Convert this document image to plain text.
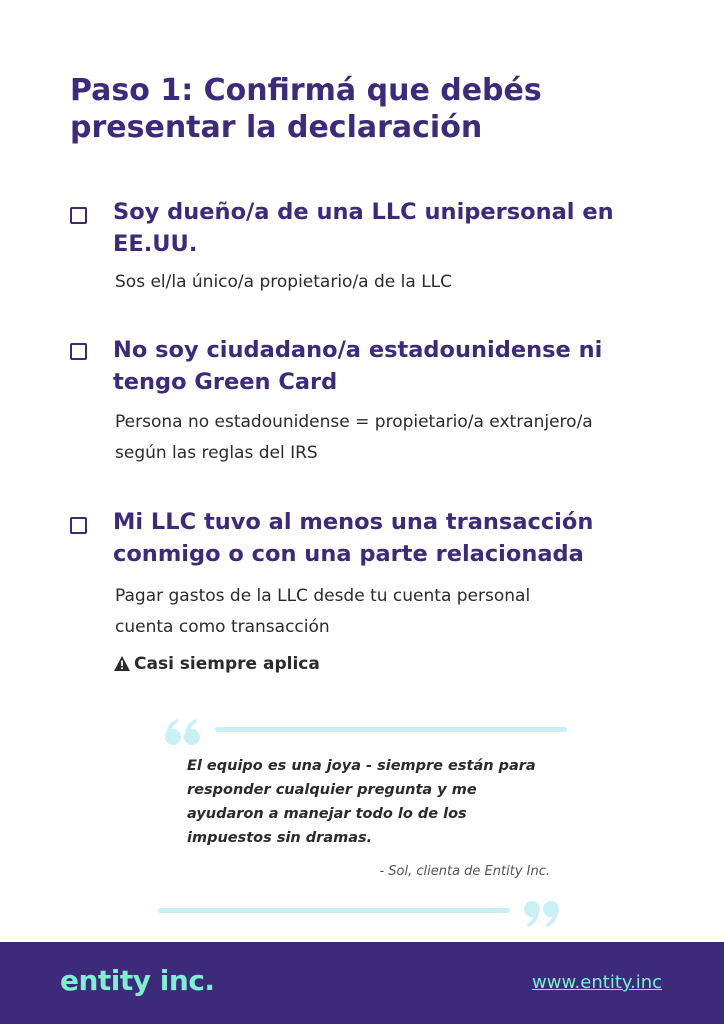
Paso 1: Confirmá que debés presentar la declaración
Soy dueño/a de una LLC unipersonal en EE.UU.
Sos el/la único/a propietario/a de la LLC
No soy ciudadano/a estadounidense ni tengo Green Card
Persona no estadounidense = propietario/a extranjero/a según las reglas del IRS
Mi LLC tuvo al menos una transacción conmigo o con una parte relacionada
Pagar gastos de la LLC desde tu cuenta personal cuenta como transacción
Casi siempre aplica
El equipo es una joya - siempre están para responder cualquier pregunta y me ayudaron a manejar todo lo de los impuestos sin dramas.
- Sol, clienta de Entity Inc.
entity inc.	www.entity.inc
